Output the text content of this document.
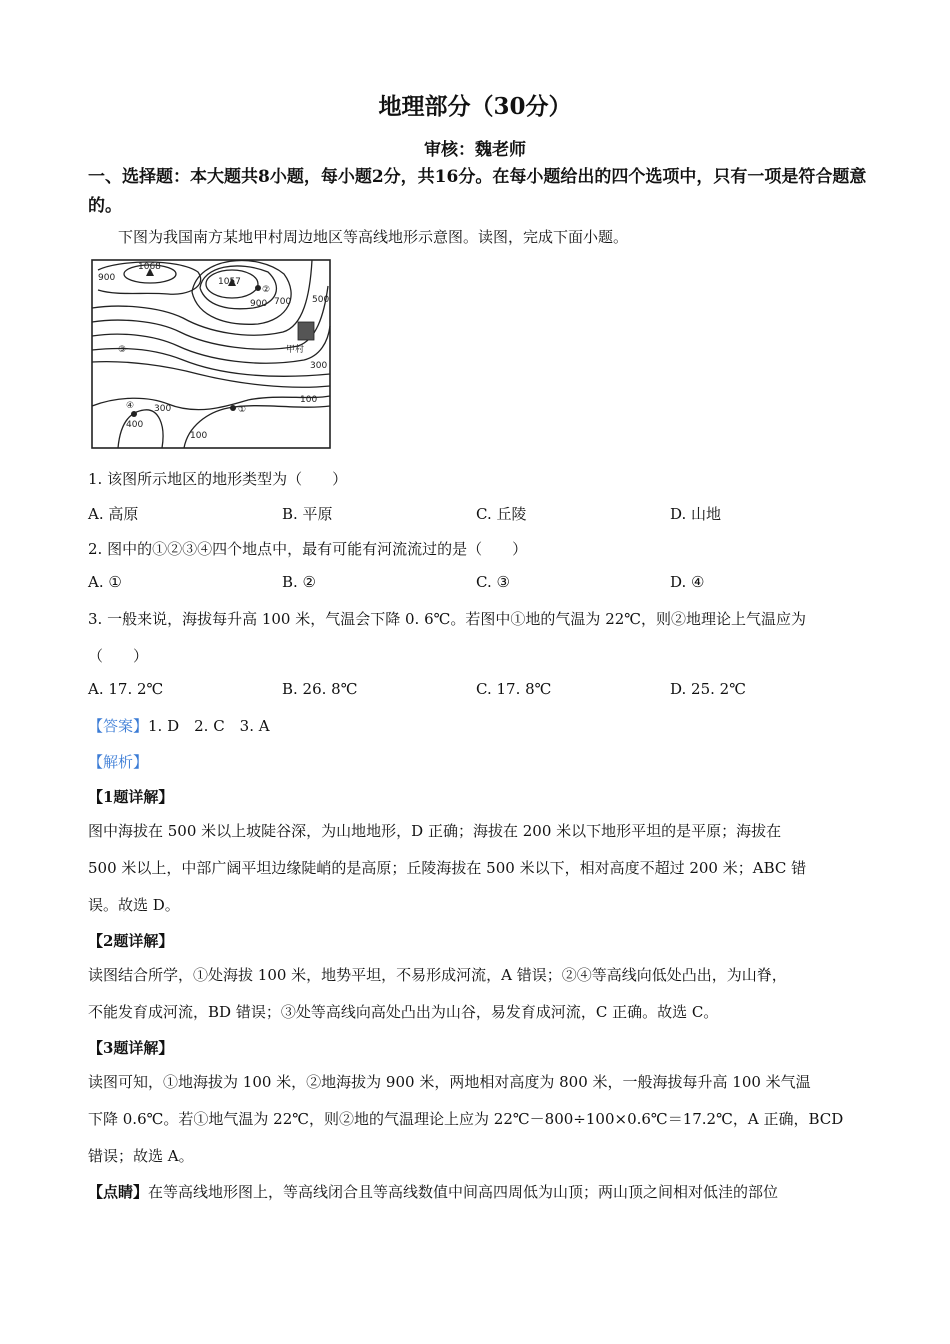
地理部分（30分）
审核：魏老师
一、选择题：本大题共8小题，每小题2分，共16分。在每小题给出的四个选项中，只有一项是符合题意的。
下图为我国南方某地甲村周边地区等高线地形示意图。读图，完成下面小题。
1068
1057
900
900 700 500
300
300
100
100
400
甲村
①
②
③
④
1. 该图所示地区的地形类型为（　　）
A. 高原	B. 平原	C. 丘陵	D. 山地
2. 图中的①②③④四个地点中，最有可能有河流流过的是（　　）
A. ①	B. ②	C. ③	D. ④
3. 一般来说，海拔每升高 100 米，气温会下降 0. 6℃。若图中①地的气温为 22℃，则②地理论上气温应为
（　　）
A. 17. 2℃	B. 26. 8℃	C. 17. 8℃	D. 25. 2℃
【答案】1. D　2. C　3. A
【解析】
【1题详解】
图中海拔在 500 米以上坡陡谷深，为山地地形，D 正确；海拔在 200 米以下地形平坦的是平原；海拔在
500 米以上，中部广阔平坦边缘陡峭的是高原；丘陵海拔在 500 米以下，相对高度不超过 200 米；ABC 错
误。故选 D。
【2题详解】
读图结合所学，①处海拔 100 米，地势平坦，不易形成河流，A 错误；②④等高线向低处凸出，为山脊，
不能发育成河流，BD 错误；③处等高线向高处凸出为山谷，易发育成河流，C 正确。故选 C。
【3题详解】
读图可知，①地海拔为 100 米，②地海拔为 900 米，两地相对高度为 800 米，一般海拔每升高 100 米气温
下降 0.6℃。若①地气温为 22℃，则②地的气温理论上应为 22℃－800÷100×0.6℃＝17.2℃，A 正确，BCD
错误；故选 A。
【点睛】在等高线地形图上，等高线闭合且等高线数值中间高四周低为山顶；两山顶之间相对低洼的部位
